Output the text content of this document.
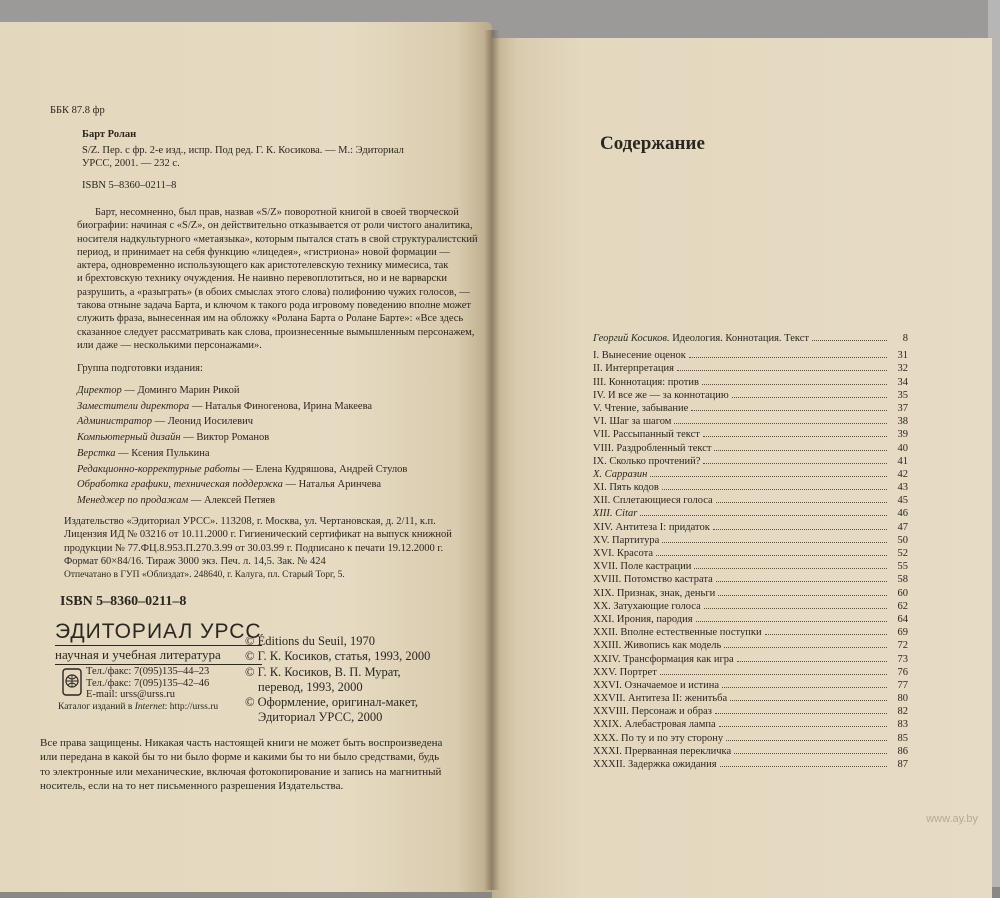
ББК 87.8 фр

Барт Ролан

S/Z. Пер. с фр. 2-е изд., испр. Под ред. Г. К. Косикова. — М.: Эдиториал
УРСС, 2001. — 232 с.

ISBN 5–8360–0211–8

Барт, несомненно, был прав, назвав «S/Z» поворотной книгой в своей творческой
биографии: начиная с «S/Z», он действительно отказывается от роли чистого аналитика,
носителя надкультурного «метаязыка», которым пытался стать в свой структуралистский
период, и принимает на себя функцию «лицедея», «гистриона» новой формации —
актера, одновременно использующего как аристотелевскую технику мимесиса, так
и брехтовскую технику очуждения. Не наивно перевоплотиться, но и не варварски
разрушить, а «разыграть» (в обоих смыслах этого слова) полифонию чужих голосов, —
такова отныне задача Барта, и ключом к такого рода игровому поведению вполне может
служить фраза, вынесенная им на обложку «Ролана Барта о Ролане Барте»: «Все здесь
сказанное следует рассматривать как слова, произнесенные вымышленным персонажем,
или даже — несколькими персонажами».

Группа подготовки издания:

Директор — Доминго Марин Рикой
Заместители директора — Наталья Финогенова, Ирина Макеева
Администратор — Леонид Иосилевич
Компьютерный дизайн — Виктор Романов
Верстка — Ксения Пулькина
Редакционно-корректурные работы — Елена Кудряшова, Андрей Стулов
Обработка графики, техническая поддержка — Наталья Аринчева
Менеджер по продажам — Алексей Петяев
Издательство «Эдиториал УРСС». 113208, г. Москва, ул. Чертановская, д. 2/11, к.п.
Лицензия ИД № 03216 от 10.11.2000 г. Гигиенический сертификат на выпуск книжной
продукции № 77.ФЦ.8.953.П.270.3.99 от 30.03.99 г. Подписано к печати 19.12.2000 г.
Формат 60×84/16. Тираж 3000 экз. Печ. л. 14,5. Зак. № 424

Отпечатано в ГУП «Облиздат». 248640, г. Калуга, пл. Старый Торг, 5.

ISBN 5–8360–0211–8

ЭДИТОРИАЛ УРСС
научная и учебная литература
Тел./факс: 7(095)135–44–23
Тел./факс: 7(095)135–42–46
E-mail: urss@urss.ru

Каталог изданий в Internet: http://urss.ru

© Éditions du Seuil, 1970
© Г. К. Косиков, статья, 1993, 2000
© Г. К. Косиков, В. П. Мурат,
перевод, 1993, 2000
© Оформление, оригинал-макет,
Эдиториал УРСС, 2000
Все права защищены. Никакая часть настоящей книги не может быть воспроизведена
или передана в какой бы то ни было форме и какими бы то ни было средствами, будь
то электронные или механические, включая фотокопирование и запись на магнитный
носитель, если на то нет письменного разрешения Издательства.
Содержание
Георгий Косиков. Идеология. Коннотация. Текст	8
I. Вынесение оценок	31
II. Интерпретация	32
III. Коннотация: против	34
IV. И все же — за коннотацию	35
V. Чтение, забывание	37
VI. Шаг за шагом	38
VII. Рассыпанный текст	39
VIII. Раздробленный текст	40
IX. Сколько прочтений?	41
X. Сарразин	42
XI. Пять кодов	43
XII. Сплетающиеся голоса	45
XIII. Citar	46
XIV. Антитеза I: придаток	47
XV. Партитура	50
XVI. Красота	52
XVII. Поле кастрации	55
XVIII. Потомство кастрата	58
XIX. Признак, знак, деньги	60
XX. Затухающие голоса	62
XXI. Ирония, пародия	64
XXII. Вполне естественные поступки	69
XXIII. Живопись как модель	72
XXIV. Трансформация как игра	73
XXV. Портрет	76
XXVI. Означаемое и истина	77
XXVII. Антитеза II: женитьба	80
XXVIII. Персонаж и образ	82
XXIX. Алебастровая лампа	83
XXX. По ту и по эту сторону	85
XXXI. Прерванная перекличка	86
XXXII. Задержка ожидания	87
www.ay.by
